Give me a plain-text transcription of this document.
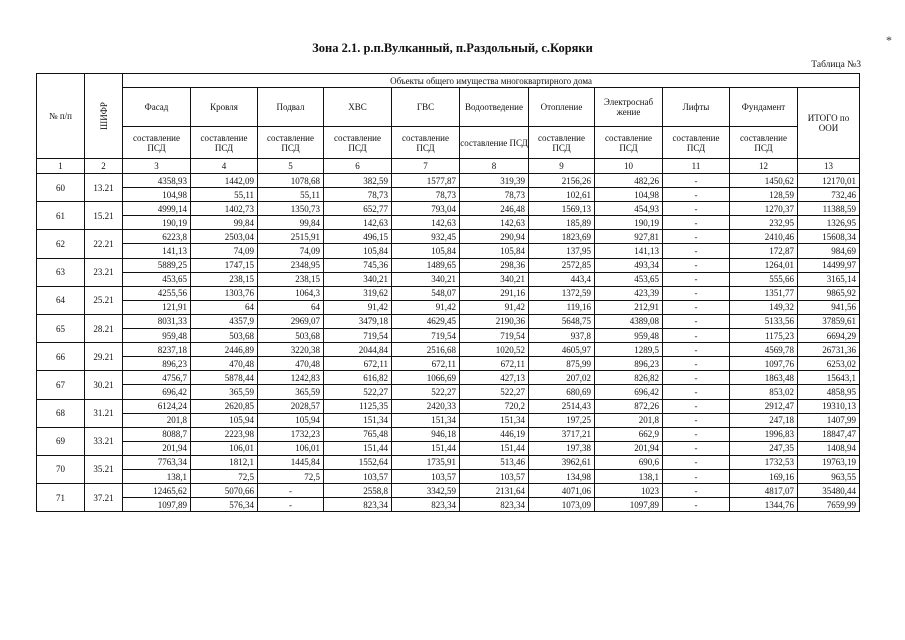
Зона 2.1. р.п.Вулканный, п.Раздольный, с.Коряки
*
Таблица №3
№ п/п	ШИФР	Объекты общего имущества многоквартирного дома										
		Фасад	Кровля	Подвал	ХВС	ГВС	Водоотведение	Отопление	Электроснаб жение	Лифты	Фундамент	ИТОГО по ООИ
		составление ПСД	составление ПСД	составление ПСД	составление ПСД	составление ПСД	составление ПСД	составление ПСД	составление ПСД	составление ПСД	составление ПСД	
1	2	3	4	5	6	7	8	9	10	11	12	13
60	13.21	4358,93	1442,09	1078,68	382,59	1577,87	319,39	2156,26	482,26	-	1450,62	12170,01
		104,98	55,11	55,11	78,73	78,73	78,73	102,61	104,98	-	128,59	732,46
61	15.21	4999,14	1402,73	1350,73	652,77	793,04	246,48	1569,13	454,93	-	1270,37	11388,59
		190,19	99,84	99,84	142,63	142,63	142,63	185,89	190,19	-	232,95	1326,95
62	22.21	6223,8	2503,04	2515,91	496,15	932,45	290,94	1823,69	927,81	-	2410,46	15608,34
		141,13	74,09	74,09	105,84	105,84	105,84	137,95	141,13	-	172,87	984,69
63	23.21	5889,25	1747,15	2348,95	745,36	1489,65	298,36	2572,85	493,34	-	1264,01	14499,97
		453,65	238,15	238,15	340,21	340,21	340,21	443,4	453,65	-	555,66	3165,14
64	25.21	4255,56	1303,76	1064,3	319,62	548,07	291,16	1372,59	423,39	-	1351,77	9865,92
		121,91	64	64	91,42	91,42	91,42	119,16	212,91	-	149,32	941,56
65	28.21	8031,33	4357,9	2969,07	3479,18	4629,45	2190,36	5648,75	4389,08	-	5133,56	37859,61
		959,48	503,68	503,68	719,54	719,54	719,54	937,8	959,48	-	1175,23	6694,29
66	29.21	8237,18	2446,89	3220,38	2044,84	2516,68	1020,52	4605,97	1289,5	-	4569,78	26731,36
		896,23	470,48	470,48	672,11	672,11	672,11	875,99	896,23	-	1097,76	6253,02
67	30.21	4756,7	5878,44	1242,83	616,82	1066,69	427,13	207,02	826,82	-	1863,48	15643,1
		696,42	365,59	365,59	522,27	522,27	522,27	680,69	696,42	-	853,02	4858,95
68	31.21	6124,24	2620,85	2028,57	1125,35	2420,33	720,2	2514,43	872,26	-	2912,47	19310,13
		201,8	105,94	105,94	151,34	151,34	151,34	197,25	201,8	-	247,18	1407,99
69	33.21	8088,7	2223,98	1732,23	765,48	946,18	446,19	3717,21	662,9	-	1996,83	18847,47
		201,94	106,01	106,01	151,44	151,44	151,44	197,38	201,94	-	247,35	1408,94
70	35.21	7763,34	1812,1	1445,84	1552,64	1735,91	513,46	3962,61	690,6	-	1732,53	19763,19
		138,1	72,5	72,5	103,57	103,57	103,57	134,98	138,1	-	169,16	963,55
71	37.21	12465,62	5070,66	-	2558,8	3342,59	2131,64	4071,06	1023	-	4817,07	35480,44
		1097,89	576,34	-	823,34	823,34	823,34	1073,09	1097,89	-	1344,76	7659,99
